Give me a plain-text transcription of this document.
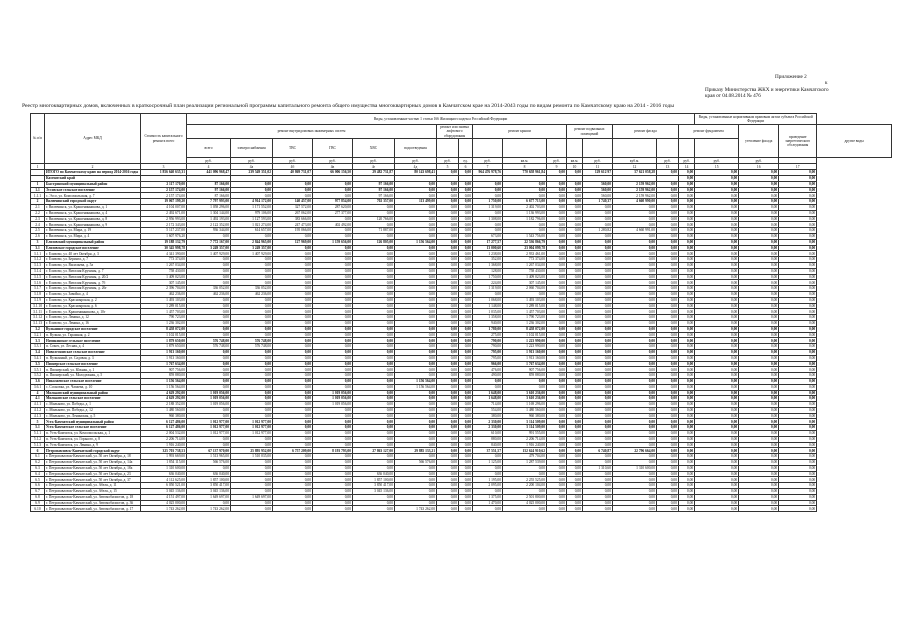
Приложение 2
к
Приказу Министерства ЖКХ и энергетики Камчатского
края от 04.08.2014 № 476
Реестр многоквартирных домов, включенных в краткосрочный план реализации региональной программы капитального ремонта общего имущества многоквартирных домов в Камчатском крае на 2014-2043 годы по видам ремонта по Камчатскому краю на 2014 - 2016 годы
№ п/п	Адрес МКД	Стоимость капитального ремонта всего	Виды, установленные частью 1 статьи 166 Жилищного кодекса Российской Федерации																Виды, установленные нормативным правовым актом субъекта Российской Федерации			
			ремонт внутридомовых инженерных систем						ремонт или замена лифтового оборудования		ремонт крыши			ремонт подвальных помещений		ремонт фасада		ремонт фундамента		утепление фасада	проведение энергетического обследования	другие виды
			всего	электроснабжения	ТВС	ГВС	ХВС	водоотведения														
			руб.	руб.	руб.	руб.	руб.	руб.	руб.	ед.	руб.	кв.м.	руб.	кв.м.	руб.	куб.м.	руб.	руб.	руб.	руб.		
1	2	3	4	4а	4б	4в	4г	4д	5	6	7	8	9	10	11	12	13	14	15	16	17	
	ИТОГО по Камчатскому краю на период 2014-2016 годы	1 856 640 635,31	441 096 968,47	239 549 351,02	40 869 731,07	66 006 156,50	29 482 731,87	80 143 698,41	0,00	0,00	964 476 978,76	770 658 961,84	0,00	0,00	129 612 97	57 621 058,28	0,00	0,00	0,00	0,00	0,00	
	Камчатский край																	0,00	0,00	0,00	0,00	
1	Быстринский муниципальный район	2 117 170,00	87 166,00	0,00	0,00	0,00	97 166,00	0,00	0,00	0,00	0,00	0,00	0,00	0,00	560,00	2 159 962,00	0,00	0,00	0,00	0,00	0,00	
1.1	Эссовское сельское поселение	2 157 174,00	97 166,00	0,00	0,00	0,00	97 166,00	0,00	0,00	0,00	0,00	0,00	0,00	0,00	560,00	2 159 962,00	0,00	0,00	0,00	0,00	0,00	
1.1.1	с. Эссо, ул. Комсомольская, д. 7	2 157 174,00	87 166,00	0,00	0,00	0,00	97 166,00	0,00	0,00	0,00	0,00	0,00	0,00	0,00	560,00	2 159 962,00	0,00	0,00	0,00	0,00	0,00	
2	Вилючинский городской округ	19 067 199,20	7 797 993,00	4 914 172,00	140 457,00	977 854,00	702 357,00	113 499,00	0,00	0,00	1 750,00	6 677 713,00	0,00	0,00	1 740,37	4 660 990,00	0,00	0,00	0,00	0,00	0,00	
2.1	г. Вилючинск, ул. Крашенинникова, д. 1	4 104 007,00	1 058 296,00	1 171 552,00	327 572,00	287 620,00	0,00	0,00	0,00	0,00	1 319,00	2 402 703,00	0,00	0,00	0,00	0,00	0,00	0,00	0,00	0,00	0,00	
2.2	г. Вилючинск, ул. Крашенинникова, д. 4	2 492 671,00	1 304 144,00	979 106,00	267 062,00	277 377,00	0,00	0,00	0,00	0,00	0,00	1 136 993,00	0,00	0,00	0,00	0,00	0,00	0,00	0,00	0,00	0,00	
2.3	г. Вилючинск, ул. Крашенинникова, д. 8	2 956 993,00	1 492 193,00	1 127 593,00	383 666,00	0,00	120 766,00	0,00	0,00	0,00	1 308,00	1 182 796,00	0,00	0,00	0,00	0,00	0,00	0,00	0,00	0,00	0,00	
2.4	г. Вилючинск, ул. Крашенинникова, д. 9	2 172 343,00	2 122 352,00	1 021 274,00	247 473,00	402 492,00	0,00	0,00	0,00	0,00	0,00	0,00	0,00	0,00	0,00	0,00	0,00	0,00	0,00	0,00	0,00	
2.5	г. Вилючинск, ул. Мира, д. 19	5 117 237,00	936 344,00	614 657,00	195 066,00	0,00	71 887,00	0,00	0,00	0,00	0,00	0,00	0,00	0,00	1 280,82	4 660 991,00	0,00	0,00	0,00	0,00	0,00	
2.6	г. Вилючинск, ул. Мира, д. 4	1 607 976,20	0,00	0,00	0,00	0,00	0,00	0,00	0,00	0,00	673,00	1 543 756,00	0,00	0,00	0,00	0,00	0,00	0,00	0,00	0,00	0,00	
3	Елизовский муниципальный район	19 188 132,79	7 772 167,00	2 844 965,00	127 969,00	1 159 656,00	126 805,00	1 156 564,00	0,00	0,00	17 277,57	22 536 866,79	0,00	0,00	0,00	0,00	0,00	0,00	0,00	0,00	0,00	
3.1	Елизовское городское поселение	30 345 998,78	3 249 357,00	3 249 357,00	0,00	0,00	0,00	0,00	0,00	0,00	13 000,60	23 004 099,78	0,00	0,00	0,00	0,00	0,00	0,00	0,00	0,00	0,00	
3.1.1	г. Елизово, ул. 40 лет Октября, д. 3	4 341 390,00	1 407 929,00	1 407 929,00	0,00	0,00	0,00	0,00	0,00	0,00	1 238,00	2 933 461,00	0,00	0,00	0,00	0,00	0,00	0,00	0,00	0,00	0,00	
3.1.2	г. Елизово, ул. Беринга, д. 7	773 374,00	0,00	0,00	0,00	0,00	0,00	0,00	0,00	0,00	352,00	773 374,00	0,00	0,00	0,00	0,00	0,00	0,00	0,00	0,00	0,00	
3.1.3	г. Елизово, ул. Васильева, д. 5а	1 267 034,00	0,00	0,00	0,00	0,00	0,00	0,00	0,00	0,00	1 368,00	1 267 034,00	0,00	0,00	0,00	0,00	0,00	0,00	0,00	0,00	0,00	
3.1.4	г. Елизово, ул. Виталия Кручины, д. 7	758 430,00	0,00	0,00	0,00	0,00	0,00	0,00	0,00	0,00	128,00	758 430,00	0,00	0,00	0,00	0,00	0,00	0,00	0,00	0,00	0,00	
3.1.5	г. Елизово, ул. Виталия Кручины, д. 20/2	1 409 023,00	0,00	0,00	0,00	0,00	0,00	0,00	0,00	0,00	1 750,00	1 409 023,00	0,00	0,00	0,00	0,00	0,00	0,00	0,00	0,00	0,00	
3.1.6	г. Елизово, ул. Виталия Кручины, д. 7б	307 145,00	0,00	0,00	0,00	0,00	0,00	0,00	0,00	0,00	224,00	307 145,00	0,00	0,00	0,00	0,00	0,00	0,00	0,00	0,00	0,00	
3.1.7	г. Елизово, ул. Виталия Кручины, д. 26г	2 396 704,00	336 052,00	336 052,00	0,00	0,00	0,00	0,00	0,00	0,00	1 319,00	2 060 704,00	0,00	0,00	0,00	0,00	0,00	0,00	0,00	0,00	0,00	
3.1.8	г. Елизово, ул. Завойко, д. 4	462 236,00	462 236,00	462 236,00	0,00	0,00	0,00	0,00	0,00	0,00	0,00	0,00	0,00	0,00	0,00	0,00	0,00	0,00	0,00	0,00	0,00	
3.1.9	г. Елизово, ул. Красноярская, д. 2	1 493 103,00	0,00	0,00	0,00	0,00	0,00	0,00	0,00	0,00	1 068,00	1 493 103,00	0,00	0,00	0,00	0,00	0,00	0,00	0,00	0,00	0,00	
3.1.10	г. Елизово, ул. Красноярская, д. 6	1 289 015,00	0,00	0,00	0,00	0,00	0,00	0,00	0,00	0,00	1 148,00	1 289 015,00	0,00	0,00	0,00	0,00	0,00	0,00	0,00	0,00	0,00	
3.1.11	г. Елизово, ул. Крашенинникова, д. 10г	1 457 703,00	0,00	0,00	0,00	0,00	0,00	0,00	0,00	0,00	1 035,00	1 457 703,00	0,00	0,00	0,00	0,00	0,00	0,00	0,00	0,00	0,00	
3.1.12	г. Елизово, ул. Ленина, д. 12	790 723,00	0,00	0,00	0,00	0,00	0,00	0,00	0,00	0,00	1 358,00	1 790 723,00	0,00	0,00	0,00	0,00	0,00	0,00	0,00	0,00	0,00	
3.1.13	г. Елизово, ул. Ленина, д. 16	1 236 302,00	0,00	0,00	0,00	0,00	0,00	0,00	0,00	0,00	940,00	1 236 302,00	0,00	0,00	0,00	0,00	0,00	0,00	0,00	0,00	0,00	
3.2	Вулканное городское поселение	8 458 072,00	0,00	0,00	0,00	0,00	0,00	0,00	0,00	0,00	1 780,00	8 458 072,00	0,00	0,00	0,00	0,00	0,00	0,00	0,00	0,00	0,00	
3.2.1	п. Вулкан, ул. Гаражная, д. 2	1 102 015,00	0,00	0,00	0,00	0,00	0,00	0,00	0,00	0,00	275,00	1 102 015,00	0,00	0,00	0,00	0,00	0,00	0,00	0,00	0,00	0,00	
3.3	Начикинское сельское поселение	1 879 650,00	576 748,00	576 748,00	0,00	0,00	0,00	0,00	0,00	0,00	790,00	1 223 990,00	0,00	0,00	0,00	0,00	0,00	0,00	0,00	0,00	0,00	
3.3.1	п. Сокоч, ул. Лесная, д. 4	1 879 650,00	576 748,00	576 748,00	0,00	0,00	0,00	0,00	0,00	0,00	790,00	1 223 990,00	0,00	0,00	0,00	0,00	0,00	0,00	0,00	0,00	0,00	
3.4	Новолесновское сельское поселение	1 913 160,00	0,00	0,00	0,00	0,00	0,00	0,00	0,00	0,00	795,00	1 913 160,00	0,00	0,00	0,00	0,00	0,00	0,00	0,00	0,00	0,00	
3.4.1	п. Вулканный, ул. Садовая, д. 3	1 913 160,00	0,00	0,00	0,00	0,00	0,00	0,00	0,00	0,00	795,00	1 913 160,00	0,00	0,00	0,00	0,00	0,00	0,00	0,00	0,00	0,00	
3.5	Пионерское сельское поселение	1 767 634,00	0,00	0,00	0,00	0,00	0,00	0,00	0,00	0,00	966,00	1 767 634,00	0,00	0,00	0,00	0,00	0,00	0,00	0,00	0,00	0,00	
3.5.1	п. Пионерский, ул. Южная, д. 1	907 756,00	0,00	0,00	0,00	0,00	0,00	0,00	0,00	0,00	476,00	907 756,00	0,00	0,00	0,00	0,00	0,00	0,00	0,00	0,00	0,00	
3.5.2	п. Пионерский, ул. Молодежная, д. 5	859 880,00	0,00	0,00	0,00	0,00	0,00	0,00	0,00	0,00	490,00	859 880,00	0,00	0,00	0,00	0,00	0,00	0,00	0,00	0,00	0,00	
3.6	Николаевское сельское поселение	1 156 564,00	0,00	0,00	0,00	0,00	0,00	1 156 564,00	0,00	0,00	0,00	0,00	0,00	0,00	0,00	0,00	0,00	0,00	0,00	0,00	0,00	
3.6.1	с. Сосновка, ул. Чапаева, д. 10	1 156 564,00	0,00	0,00	0,00	0,00	0,00	1 156 564,00	0,00	0,00	0,00	0,00	0,00	0,00	0,00	0,00	0,00	0,00	0,00	0,00	0,00	
4	Мильковский муниципальный район	4 629 292,00	1 019 056,00	0,00	0,00	1 019 056,00	0,00	0,00	0,00	0,00	1 648,00	3 610 236,00	0,00	0,00	0,00	0,00	0,00	0,00	0,00	0,00	0,00	
4.1	Мильковское сельское поселение	4 629 292,00	1 019 056,00	0,00	0,00	1 019 056,00	0,00	0,00	0,00	0,00	1 648,00	3 610 236,00	0,00	0,00	0,00	0,00	0,00	0,00	0,00	0,00	0,00	
4.1.1	с. Мильково, ул. Победы, д. 1	2 188 352,00	1 019 056,00	0,00	0,00	1 019 056,00	0,00	0,00	0,00	0,00	714,00	1 169 296,00	0,00	0,00	0,00	0,00	0,00	0,00	0,00	0,00	0,00	
4.1.2	с. Мильково, ул. Победы, д. 12	1 480 560,00	0,00	0,00	0,00	0,00	0,00	0,00	0,00	0,00	554,00	1 480 560,00	0,00	0,00	0,00	0,00	0,00	0,00	0,00	0,00	0,00	
4.1.3	с. Мильково, ул. Ленинская, д. 5	960 380,00	0,00	0,00	0,00	0,00	0,00	0,00	0,00	0,00	380,00	960 380,00	0,00	0,00	0,00	0,00	0,00	0,00	0,00	0,00	0,00	
5	Усть-Камчатский муниципальный район	6 127 486,00	1 012 977,00	1 012 977,00	0,00	0,00	0,00	0,00	0,00	0,00	2 330,00	5 114 509,00	0,00	0,00	0,00	0,00	0,00	0,00	0,00	0,00	0,00	
5.1	Усть-Камчатское сельское поселение	6 127 486,00	1 012 977,00	1 012 977,00	0,00	0,00	0,00	0,00	0,00	0,00	2 330,00	5 114 509,00	0,00	0,00	0,00	0,00	0,00	0,00	0,00	0,00	0,00	
5.1.1	п. Усть-Камчатск, ул. Комсомольская, д. 1	2 004 532,00	1 012 977,00	1 012 977,00	0,00	0,00	0,00	0,00	0,00	0,00	610,00	991 555,00	0,00	0,00	0,00	0,00	0,00	0,00	0,00	0,00	0,00	
5.1.2	п. Усть-Камчатск, ул. Горького, д. 8	2 206 714,00	0,00	0,00	0,00	0,00	0,00	0,00	0,00	0,00	880,00	2 206 714,00	0,00	0,00	0,00	0,00	0,00	0,00	0,00	0,00	0,00	
5.1.3	п. Усть-Камчатск, ул. Ленина, д. 9	1 916 240,00	0,00	0,00	0,00	0,00	0,00	0,00	0,00	0,00	840,00	1 916 240,00	0,00	0,00	0,00	0,00	0,00	0,00	0,00	0,00	0,00	
6	Петропавловск-Камчатский городской округ	325 703 738,53	67 137 970,00	25 895 952,00	6 757 209,00	8 193 793,00	27 863 127,00	29 885 133,21	0,00	0,00	37 551,57	152 624 910,62	0,00	0,00	6 740,87	22 796 664,00	0,00	0,00	0,00	0,00	0,00	
6.1	г. Петропавловск-Камчатский, ул. 50 лет Октября, д. 18	1 993 669,00	1 513 965,00	1 510 035,00	0,00	0,00	0,00	0,00	0,00	0,00	0,00	479 704,00	0,00	0,00	0,00	0,00	0,00	0,00	0,00	0,00	0,00	
6.2	г. Петропавловск-Камчатский, ул. 50 лет Октября, д. 14а	1 854 115,00	566 576,00	0,00	0,00	0,00	0,00	566 576,00	0,00	0,00	1 125,00	1 287 539,00	0,00	0,00	0,00	0,00	0,00	0,00	0,00	0,00	0,00	
6.3	г. Петропавловск-Камчатский, ул. 50 лет Октября, д. 18а	1 310 600,00	0,00	0,00	0,00	0,00	0,00	0,00	0,00	0,00	0,00	0,00	0,00	0,00	1 310,60	1 310 600,00	0,00	0,00	0,00	0,00	0,00	
6.4	г. Петропавловск-Камчатский, ул. 50 лет Октября, д. 23	636 040,00	636 040,00	0,00	0,00	0,00	636 040,00	0,00	0,00	0,00	0,00	0,00	0,00	0,00	0,00	0,00	0,00	0,00	0,00	0,00	0,00	
6.5	г. Петропавловск-Камчатский, ул. 50 лет Октября, д. 37	4 112 625,00	1 857 100,00	0,00	0,00	0,00	1 857 100,00	0,00	0,00	0,00	1 195,00	2 255 525,00	0,00	0,00	0,00	0,00	0,00	0,00	0,00	0,00	0,00	
6.6	г. Петропавловск-Камчатский, ул. Абеля, д. 11	6 050 521,00	3 850 417,00	0,00	0,00	0,00	3 850 417,00	0,00	0,00	0,00	2 095,00	2 200 104,00	0,00	0,00	0,00	0,00	0,00	0,00	0,00	0,00	0,00	
6.7	г. Петропавловск-Камчатский, ул. Абеля, д. 15	3 045 136,00	3 045 136,00	0,00	0,00	0,00	3 045 136,00	0,00	0,00	0,00	0,00	0,00	0,00	0,00	0,00	0,00	0,00	0,00	0,00	0,00	0,00	
6.8	г. Петропавловск-Камчатский, ул. Автомобилистов, д. 18	4 151 497,00	1 649 697,00	1 649 697,00	0,00	0,00	0,00	0,00	0,00	0,00	1 375,00	2 501 800,00	0,00	0,00	0,00	0,00	0,00	0,00	0,00	0,00	0,00	
6.9	г. Петропавловск-Камчатский, ул. Автомобилистов, д. 36	4 025 000,00	0,00	0,00	0,00	0,00	0,00	0,00	0,00	0,00	1 470,00	4 025 000,00	0,00	0,00	0,00	0,00	0,00	0,00	0,00	0,00	0,00	
6.10	г. Петропавловск-Камчатский, ул. Автомобилистов, д. 17	1 743 262,00	1 743 262,00	0,00	0,00	0,00	0,00	1 743 262,00	0,00	0,00	0,00	0,00	0,00	0,00	0,00	0,00	0,00	0,00	0,00	0,00	0,00	
